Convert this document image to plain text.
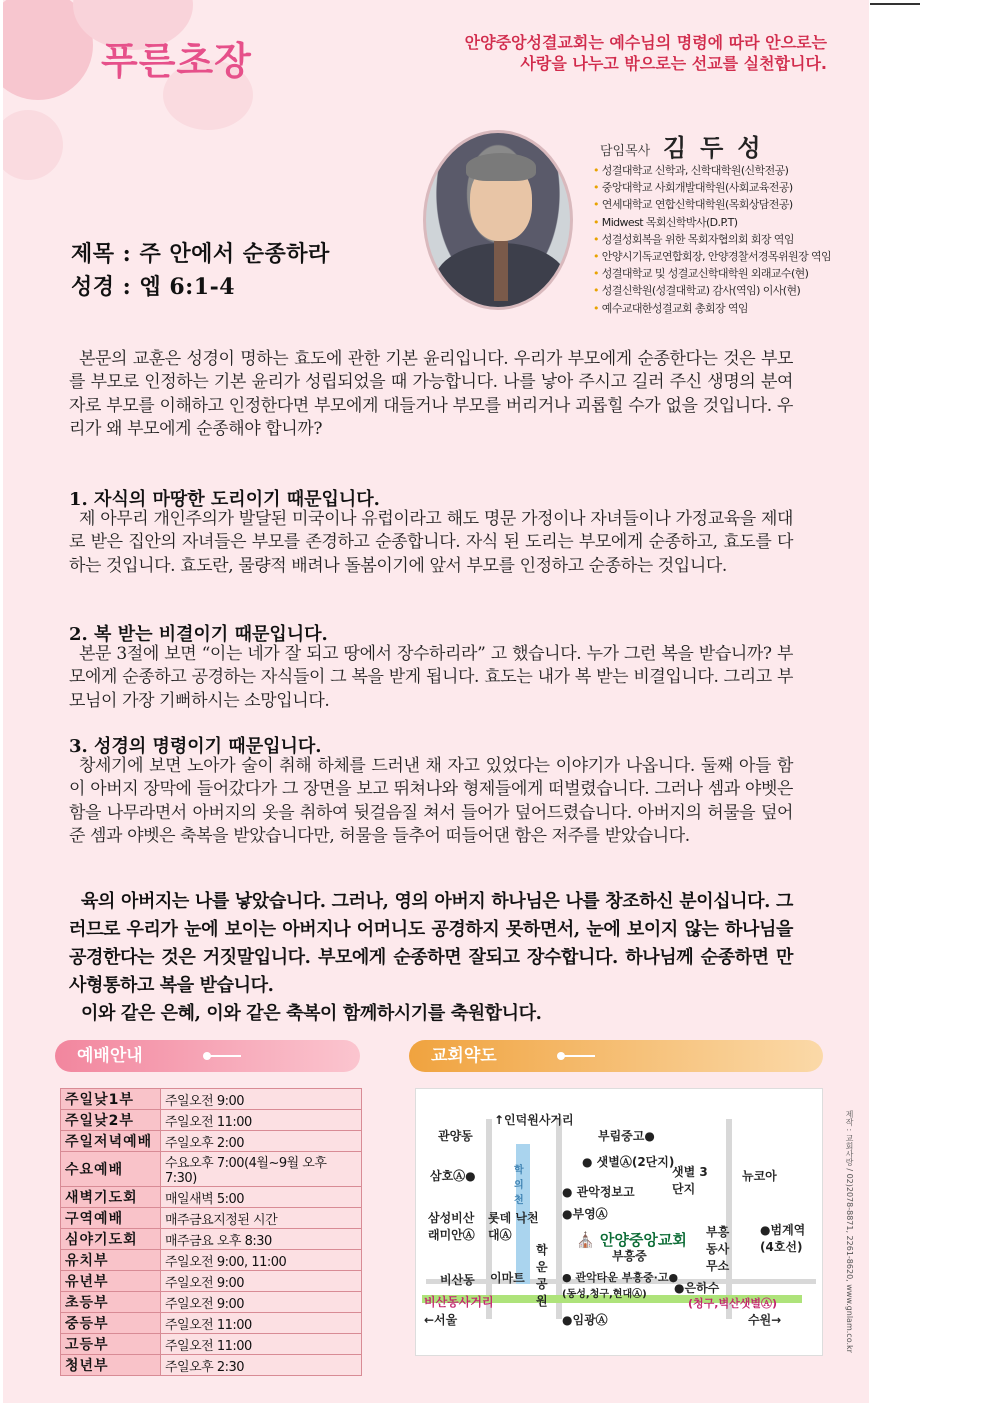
푸른초장	안양중앙성결교회는 예수님의 명령에 따라 안으로는
사랑을 나누고 밖으로는 선교를 실천합니다.
담임목사 김두성
• 성결대학교 신학과, 신학대학원(신학전공)
• 중앙대학교 사회개발대학원(사회교육전공)
• 연세대학교 연합신학대학원(목회상담전공)
• Midwest 목회신학박사(D.P.T)
• 성결성회복을 위한 목회자협의회 회장 역임
• 안양시기독교연합회장, 안양경찰서경목위원장 역임
• 성결대학교 및 성결교신학대학원 외래교수(현)
• 성결신학원(성결대학교) 감사(역임) 이사(현)
• 예수교대한성결교회 총회장 역임
제목 : 주 안에서 순종하라
성경 : 엡 6:1-4
본문의 교훈은 성경이 명하는 효도에 관한 기본 윤리입니다. 우리가 부모에게 순종한다는 것은 부모를 부모로 인정하는 기본 윤리가 성립되었을 때 가능합니다. 나를 낳아 주시고 길러 주신 생명의 분여자로 부모를 이해하고 인정한다면 부모에게 대들거나 부모를 버리거나 괴롭힐 수가 없을 것입니다. 우리가 왜 부모에게 순종해야 합니까?
1. 자식의 마땅한 도리이기 때문입니다.
제 아무리 개인주의가 발달된 미국이나 유럽이라고 해도 명문 가정이나 자녀들이나 가정교육을 제대로 받은 집안의 자녀들은 부모를 존경하고 순종합니다. 자식 된 도리는 부모에게 순종하고, 효도를 다하는 것입니다. 효도란, 물량적 배려나 돌봄이기에 앞서 부모를 인정하고 순종하는 것입니다.
2. 복 받는 비결이기 때문입니다.
본문 3절에 보면 “이는 네가 잘 되고 땅에서 장수하리라” 고 했습니다. 누가 그런 복을 받습니까? 부모에게 순종하고 공경하는 자식들이 그 복을 받게 됩니다. 효도는 내가 복 받는 비결입니다. 그리고 부모님이 가장 기뻐하시는 소망입니다.
3. 성경의 명령이기 때문입니다.
창세기에 보면 노아가 술이 취해 하체를 드러낸 채 자고 있었다는 이야기가 나옵니다. 둘째 아들 함이 아버지 장막에 들어갔다가 그 장면을 보고 뛰쳐나와 형제들에게 떠벌렸습니다. 그러나 셈과 야벳은 함을 나무라면서 아버지의 옷을 취하여 뒷걸음질 쳐서 들어가 덮어드렸습니다. 아버지의 허물을 덮어준 셈과 야벳은 축복을 받았습니다만, 허물을 들추어 떠들어댄 함은 저주를 받았습니다.
육의 아버지는 나를 낳았습니다. 그러나, 영의 아버지 하나님은 나를 창조하신 분이십니다. 그러므로 우리가 눈에 보이는 아버지나 어머니도 공경하지 못하면서, 눈에 보이지 않는 하나님을 공경한다는 것은 거짓말입니다. 부모에게 순종하면 잘되고 장수합니다. 하나님께 순종하면 만사형통하고 복을 받습니다.
이와 같은 은혜, 이와 같은 축복이 함께하시기를 축원합니다.
예배안내
주일낮1부	주일오전 9:00
주일낮2부	주일오전 11:00
주일저녁예배	주일오후 2:00
수요예배	수요오후 7:00(4월~9월 오후 7:30)
새벽기도회	매일새벽 5:00
구역예배	매주금요지정된 시간
심야기도회	매주금요 오후 8:30
유치부	주일오전 9:00, 11:00
유년부	주일오전 9:00
초등부	주일오전 9:00
중등부	주일오전 11:00
고등부	주일오전 11:00
청년부	주일오후 2:30
교회약도
관양동
↑인덕원사거리
부림중고●
삼호Ⓐ●	학의천
● 샛별Ⓐ(2단지)
샛별 3단지
뉴코아
● 관악정보고
삼성비산 래미안Ⓐ
롯데 낙천대Ⓐ
●부영Ⓐ
⛪ 안양중앙교회 부흥 동사 무소
●범계역 (4호선)
학운 공원
부흥중
비산동 이마트	● 관악타운 부흥중·고●
(동성,청구,현대Ⓐ) ●은하수
비산동사거리	(청구,벽산샛별Ⓐ)
←서울	●임광Ⓐ	수원→	제작 : 교회사랑 / 02)2078-8871, 2261-8620, www.gnlam.co.kr
